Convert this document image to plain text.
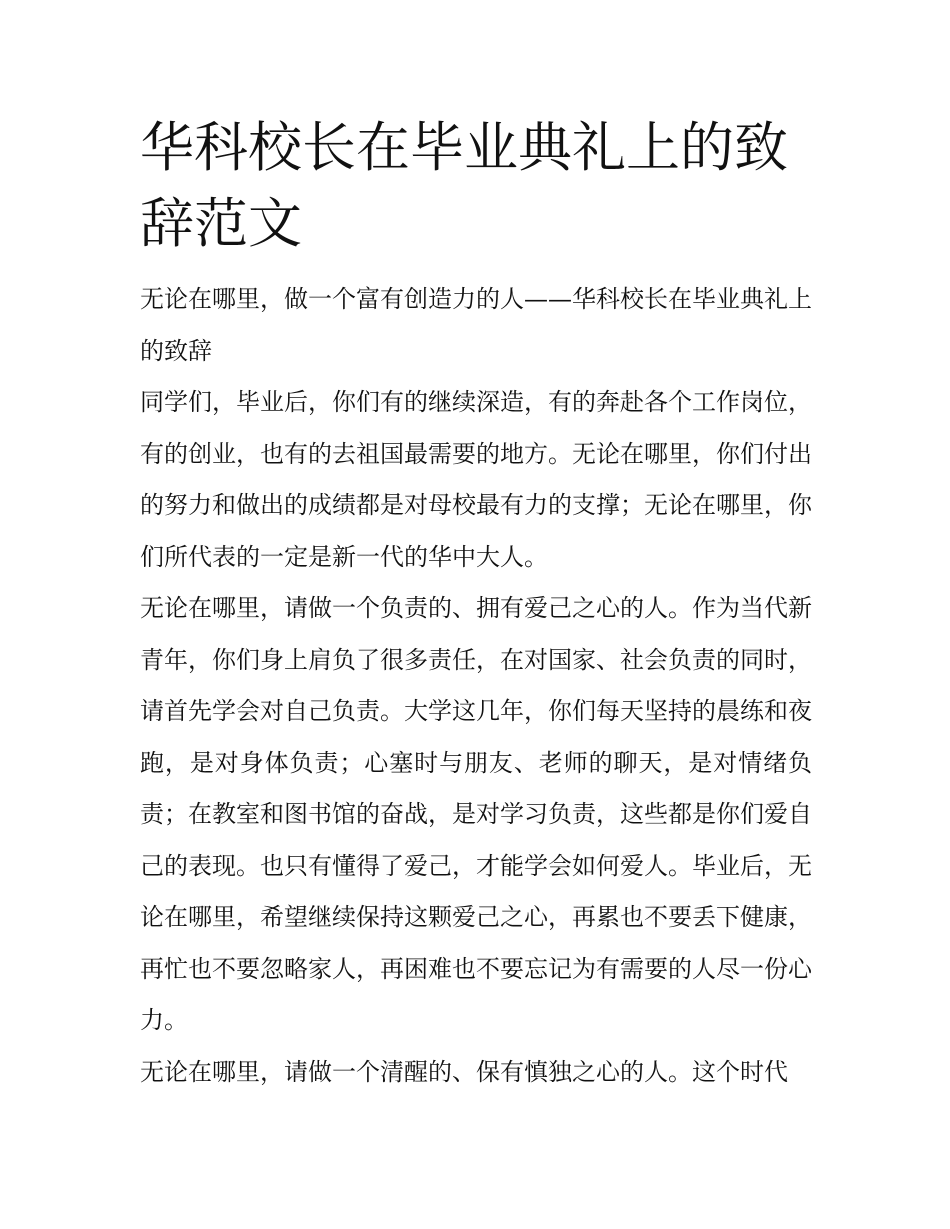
华科校长在毕业典礼上的致辞范文

无论在哪里，做一个富有创造力的人——华科校长在毕业典礼上的致辞

同学们，毕业后，你们有的继续深造，有的奔赴各个工作岗位，有的创业，也有的去祖国最需要的地方。无论在哪里，你们付出的努力和做出的成绩都是对母校最有力的支撑；无论在哪里，你们所代表的一定是新一代的华中大人。

无论在哪里，请做一个负责的、拥有爱己之心的人。作为当代新青年，你们身上肩负了很多责任，在对国家、社会负责的同时，请首先学会对自己负责。大学这几年，你们每天坚持的晨练和夜跑，是对身体负责；心塞时与朋友、老师的聊天，是对情绪负责；在教室和图书馆的奋战，是对学习负责，这些都是你们爱自己的表现。也只有懂得了爱己，才能学会如何爱人。毕业后，无论在哪里，希望继续保持这颗爱己之心，再累也不要丢下健康，再忙也不要忽略家人，再困难也不要忘记为有需要的人尽一份心力。

无论在哪里，请做一个清醒的、保有慎独之心的人。这个时代
